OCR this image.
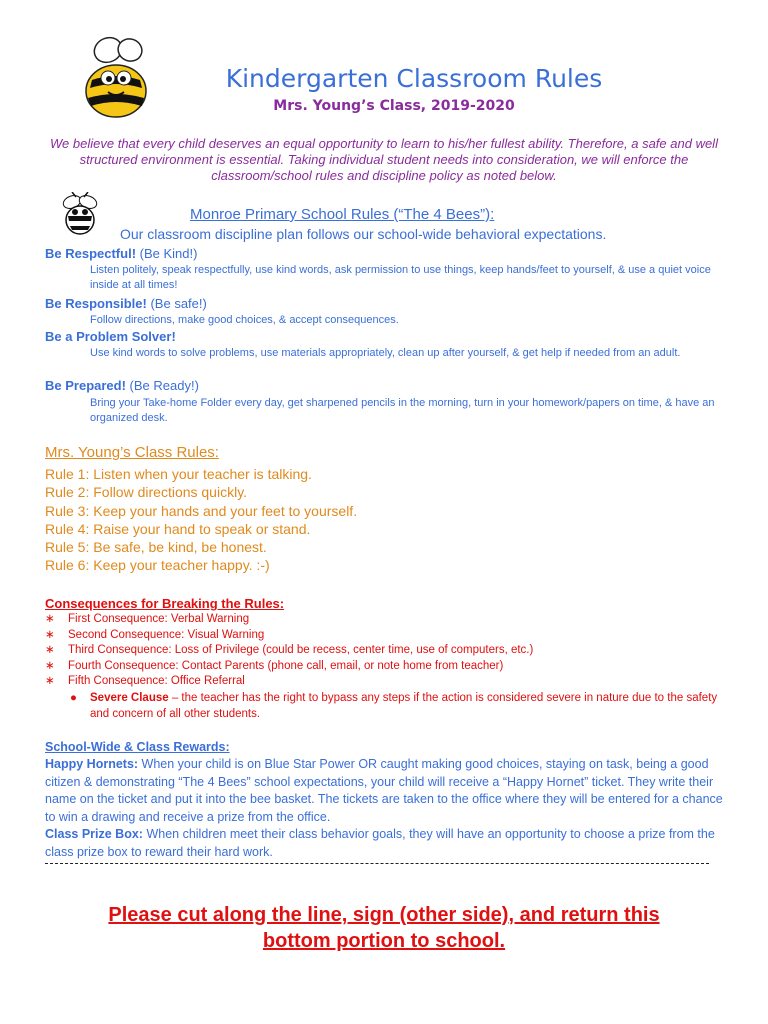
Kindergarten Classroom Rules
Mrs. Young’s Class, 2019-2020
We believe that every child deserves an equal opportunity to learn to his/her fullest ability. Therefore, a safe and well structured environment is essential. Taking individual student needs into consideration, we will enforce the classroom/school rules and discipline policy as noted below.
Monroe Primary School Rules (“The 4 Bees”):
Our classroom discipline plan follows our school-wide behavioral expectations.
Be Respectful! (Be Kind!)
Listen politely, speak respectfully, use kind words, ask permission to use things, keep hands/feet to yourself, & use a quiet voice inside at all times!
Be Responsible! (Be safe!)
Follow directions, make good choices, & accept consequences.
Be a Problem Solver!
Use kind words to solve problems, use materials appropriately, clean up after yourself, & get help if needed from an adult.
Be Prepared! (Be Ready!)
Bring your Take-home Folder every day, get sharpened pencils in the morning, turn in your homework/papers on time, & have an organized desk.
Mrs. Young’s Class Rules:
Rule 1: Listen when your teacher is talking.
Rule 2: Follow directions quickly.
Rule 3: Keep your hands and your feet to yourself.
Rule 4: Raise your hand to speak or stand.
Rule 5: Be safe, be kind, be honest.
Rule 6: Keep your teacher happy. :-)
Consequences for Breaking the Rules:
∗	First Consequence: Verbal Warning
∗	Second Consequence: Visual Warning
∗	Third Consequence: Loss of Privilege (could be recess, center time, use of computers, etc.)
∗	Fourth Consequence: Contact Parents (phone call, email, or note home from teacher)
∗	Fifth Consequence: Office Referral
●	Severe Clause – the teacher has the right to bypass any steps if the action is considered severe in nature due to the safety and concern of all other students.
School-Wide & Class Rewards:
Happy Hornets: When your child is on Blue Star Power OR caught making good choices, staying on task, being a good citizen & demonstrating “The 4 Bees” school expectations, your child will receive a “Happy Hornet” ticket. They write their name on the ticket and put it into the bee basket. The tickets are taken to the office where they will be entered for a chance to win a drawing and receive a prize from the office.
Class Prize Box: When children meet their class behavior goals, they will have an opportunity to choose a prize from the class prize box to reward their hard work.
Please cut along the line, sign (other side), and return this
bottom portion to school.
